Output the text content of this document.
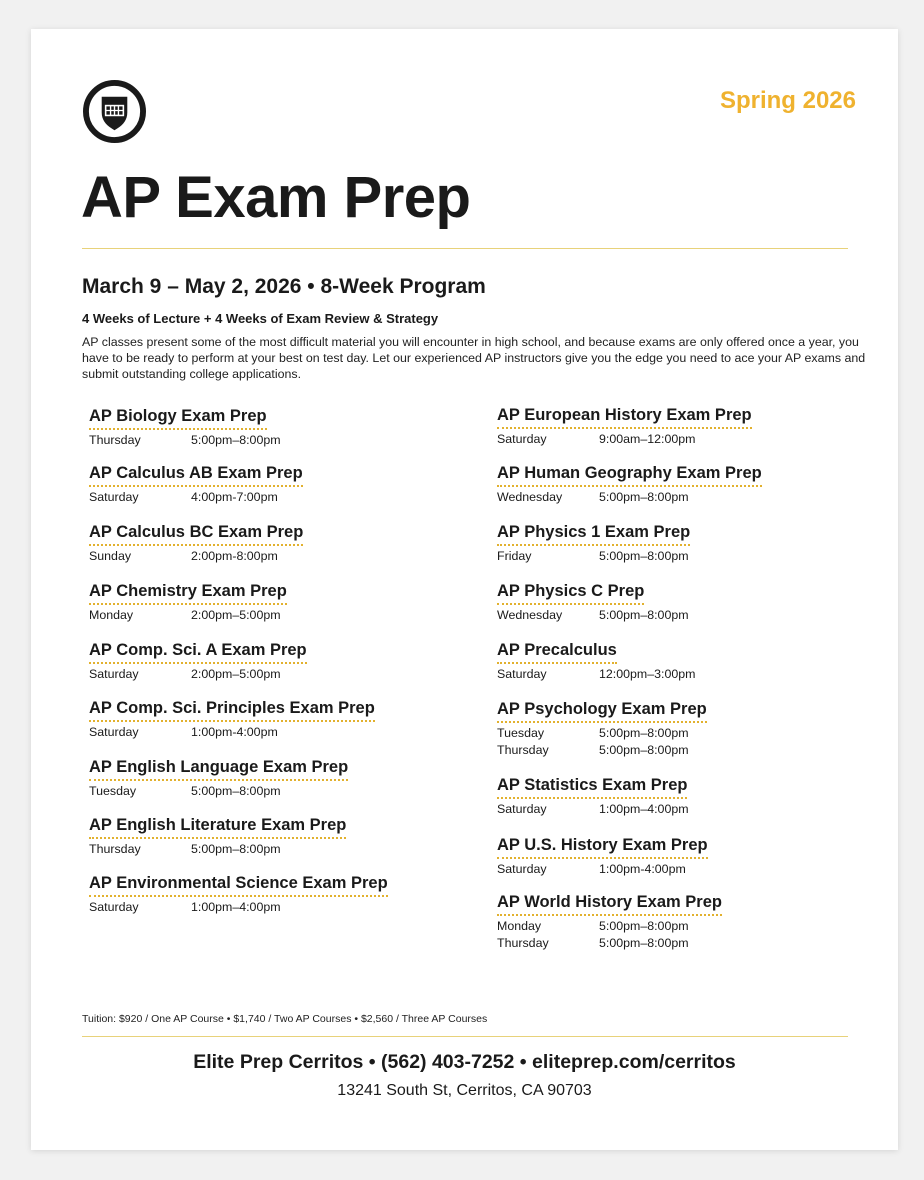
Spring 2026
AP Exam Prep
March 9 – May 2, 2026 • 8-Week Program
4 Weeks of Lecture + 4 Weeks of Exam Review & Strategy
AP classes present some of the most difficult material you will encounter in high school, and because exams are only offered once a year, you have to be ready to perform at your best on test day. Let our experienced AP instructors give you the edge you need to ace your AP exams and submit outstanding college applications.
AP Biology Exam Prep
Thursday	5:00pm–8:00pm
AP Calculus AB Exam Prep
Saturday	4:00pm-7:00pm
AP Calculus BC Exam Prep
Sunday	2:00pm-8:00pm
AP Chemistry Exam Prep
Monday	2:00pm–5:00pm
AP Comp. Sci. A Exam Prep
Saturday	2:00pm–5:00pm
AP Comp. Sci. Principles Exam Prep
Saturday	1:00pm-4:00pm
AP English Language Exam Prep
Tuesday	5:00pm–8:00pm
AP English Literature Exam Prep
Thursday	5:00pm–8:00pm
AP Environmental Science Exam Prep
Saturday	1:00pm–4:00pm
AP European History Exam Prep
Saturday	9:00am–12:00pm
AP Human Geography Exam Prep
Wednesday	5:00pm–8:00pm
AP Physics 1 Exam Prep
Friday	5:00pm–8:00pm
AP Physics C Prep
Wednesday	5:00pm–8:00pm
AP Precalculus
Saturday	12:00pm–3:00pm
AP Psychology Exam Prep
Tuesday	5:00pm–8:00pm
Thursday	5:00pm–8:00pm
AP Statistics Exam Prep
Saturday	1:00pm–4:00pm
AP U.S. History Exam Prep
Saturday	1:00pm-4:00pm
AP World History Exam Prep
Monday	5:00pm–8:00pm
Thursday	5:00pm–8:00pm
Tuition: $920 / One AP Course • $1,740 / Two AP Courses • $2,560 / Three AP Courses
Elite Prep Cerritos • (562) 403-7252 • eliteprep.com/cerritos
13241 South St, Cerritos, CA 90703
